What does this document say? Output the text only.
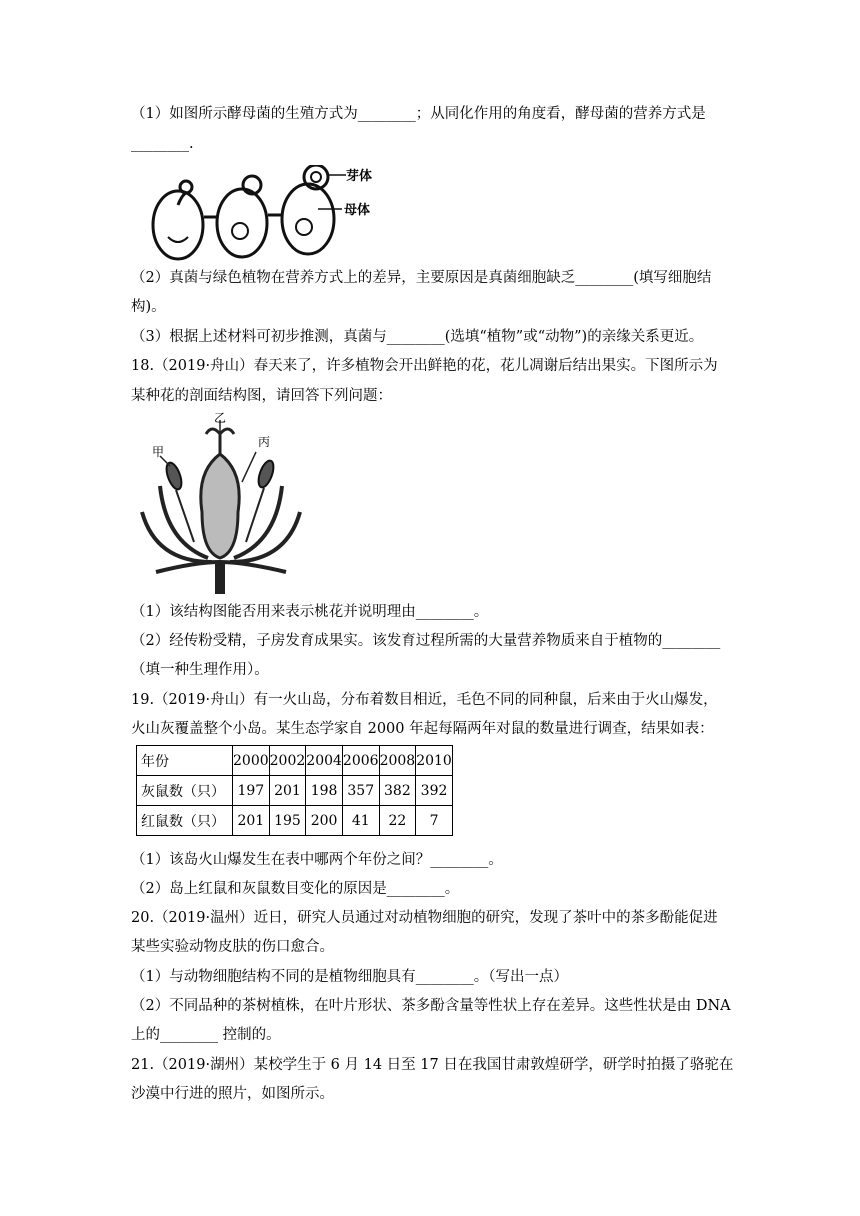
（1）如图所示酵母菌的生殖方式为________；从同化作用的角度看，酵母菌的营养方式是
________.
芽体
母体
（2）真菌与绿色植物在营养方式上的差异，主要原因是真菌细胞缺乏________(填写细胞结
构)。
（3）根据上述材料可初步推测，真菌与________(选填“植物”或“动物”)的亲缘关系更近。
18.（2019·舟山）春天来了，许多植物会开出鲜艳的花，花儿凋谢后结出果实。下图所示为
某种花的剖面结构图，请回答下列问题：
甲
乙
丙
（1）该结构图能否用来表示桃花并说明理由________。
（2）经传粉受精，子房发育成果实。该发育过程所需的大量营养物质来自于植物的________
（填一种生理作用）。
19.（2019·舟山）有一火山岛，分布着数目相近，毛色不同的同种鼠，后来由于火山爆发，
火山灰覆盖整个小岛。某生态学家自 2000 年起每隔两年对鼠的数量进行调查，结果如表：
年份	2000	2002	2004	2006	2008	2010
灰鼠数（只）	197	201	198	357	382	392
红鼠数（只）	201	195	200	41	22	7
（1）该岛火山爆发生在表中哪两个年份之间？________。
（2）岛上红鼠和灰鼠数目变化的原因是________。
20.（2019·温州）近日，研究人员通过对动植物细胞的研究，发现了茶叶中的茶多酚能促进
某些实验动物皮肤的伤口愈合。
（1）与动物细胞结构不同的是植物细胞具有________。（写出一点）
（2）不同品种的茶树植株，在叶片形状、茶多酚含量等性状上存在差异。这些性状是由 DNA
上的________ 控制的。
21.（2019·湖州）某校学生于 6 月 14 日至 17 日在我国甘肃敦煌研学，研学时拍摄了骆驼在
沙漠中行进的照片，如图所示。
